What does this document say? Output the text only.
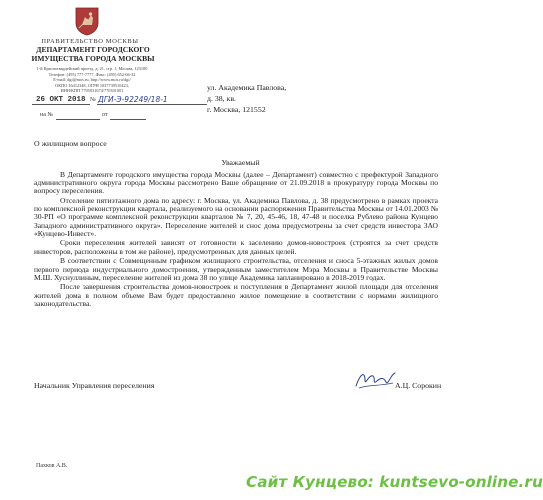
ПРАВИТЕЛЬСТВО МОСКВЫ
ДЕПАРТАМЕНТ ГОРОДСКОГО
ИМУЩЕСТВА ГОРОДА МОСКВЫ
1-й Красногвардейский проезд, д. 21, стр. 1, Москва, 123100
Телефон: (495) 777-7777, Факс: (495) 652-66-32
E-mail: dgi@mos.ru, http://www.mos.ru/dgi/
ОКПО 16412348, ОГРН 1037739510423,
ИНН/КПП 7705031674/770301001
26 ОКТ 2018 № ДГИ-Э-92249/18-1
на №	от
ул. Академика Павлова,
д. 38, кв.
г. Москва, 121552
О жилищном вопросе
Уважаемый

В Департаменте городского имущества города Москвы (далее – Департамент) совместно с префектурой Западного административного округа города Москвы рассмотрено Ваше обращение от 21.09.2018 в прокуратуру города Москвы по вопросу переселения.

Отселение пятиэтажного дома по адресу: г. Москва, ул. Академика Павлова, д. 38 предусмотрено в рамках проекта по комплексной реконструкции квартала, реализуемого на основании распоряжения Правительства Москвы от 14.01.2003 № 30-РП «О программе комплексной реконструкции кварталов № 7, 20, 45-46, 18, 47-48 и поселка Рублево района Кунцево Западного административного округа». Переселение жителей и снос дома предусмотрены за счет средств инвестора ЗАО «Кунцево-Инвест».

Сроки переселения жителей зависят от готовности к заселению домов-новостроек (строятся за счет средств инвесторов, расположены в том же районе), предусмотренных для данных целей.

В соответствии с Совмещенным графиком жилищного строительства, отселения и сноса 5-этажных жилых домов первого периода индустриального домостроения, утвержденным заместителем Мэра Москвы в Правительстве Москвы М.Ш. Хуснуллиным, переселение жителей из дома 38 по улице Академика запланировано в 2018-2019 годах.

После завершения строительства домов-новостроек и поступления в Департамент жилой площади для отселения жителей дома в полном объеме Вам будет предоставлено жилое помещение в соответствии с нормами жилищного законодательства.

Начальник Управления переселения	А.Ц. Сорокин
Пахков А.В.
Сайт Кунцево: kuntsevo-online.ru
